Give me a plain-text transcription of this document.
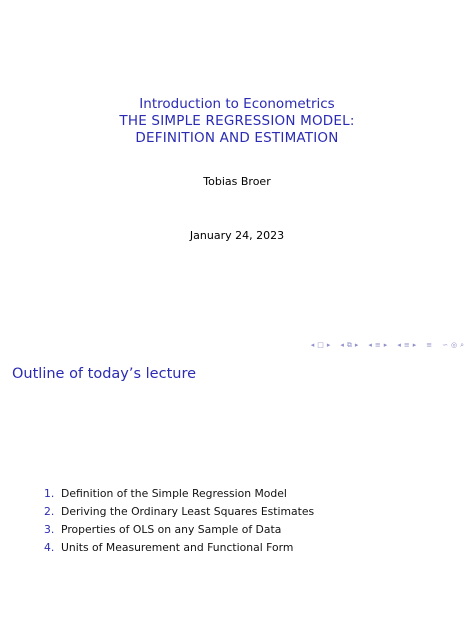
Introduction to Econometrics
THE SIMPLE REGRESSION MODEL:
DEFINITION AND ESTIMATION
Tobias Broer
January 24, 2023
◂ □ ▸ ◂ ⧉ ▸ ◂ ≡ ▸ ◂ ≡ ▸ ≡ ∽ ◎ ⌕
Outline of today’s lecture
1. Definition of the Simple Regression Model
2. Deriving the Ordinary Least Squares Estimates
3. Properties of OLS on any Sample of Data
4. Units of Measurement and Functional Form
